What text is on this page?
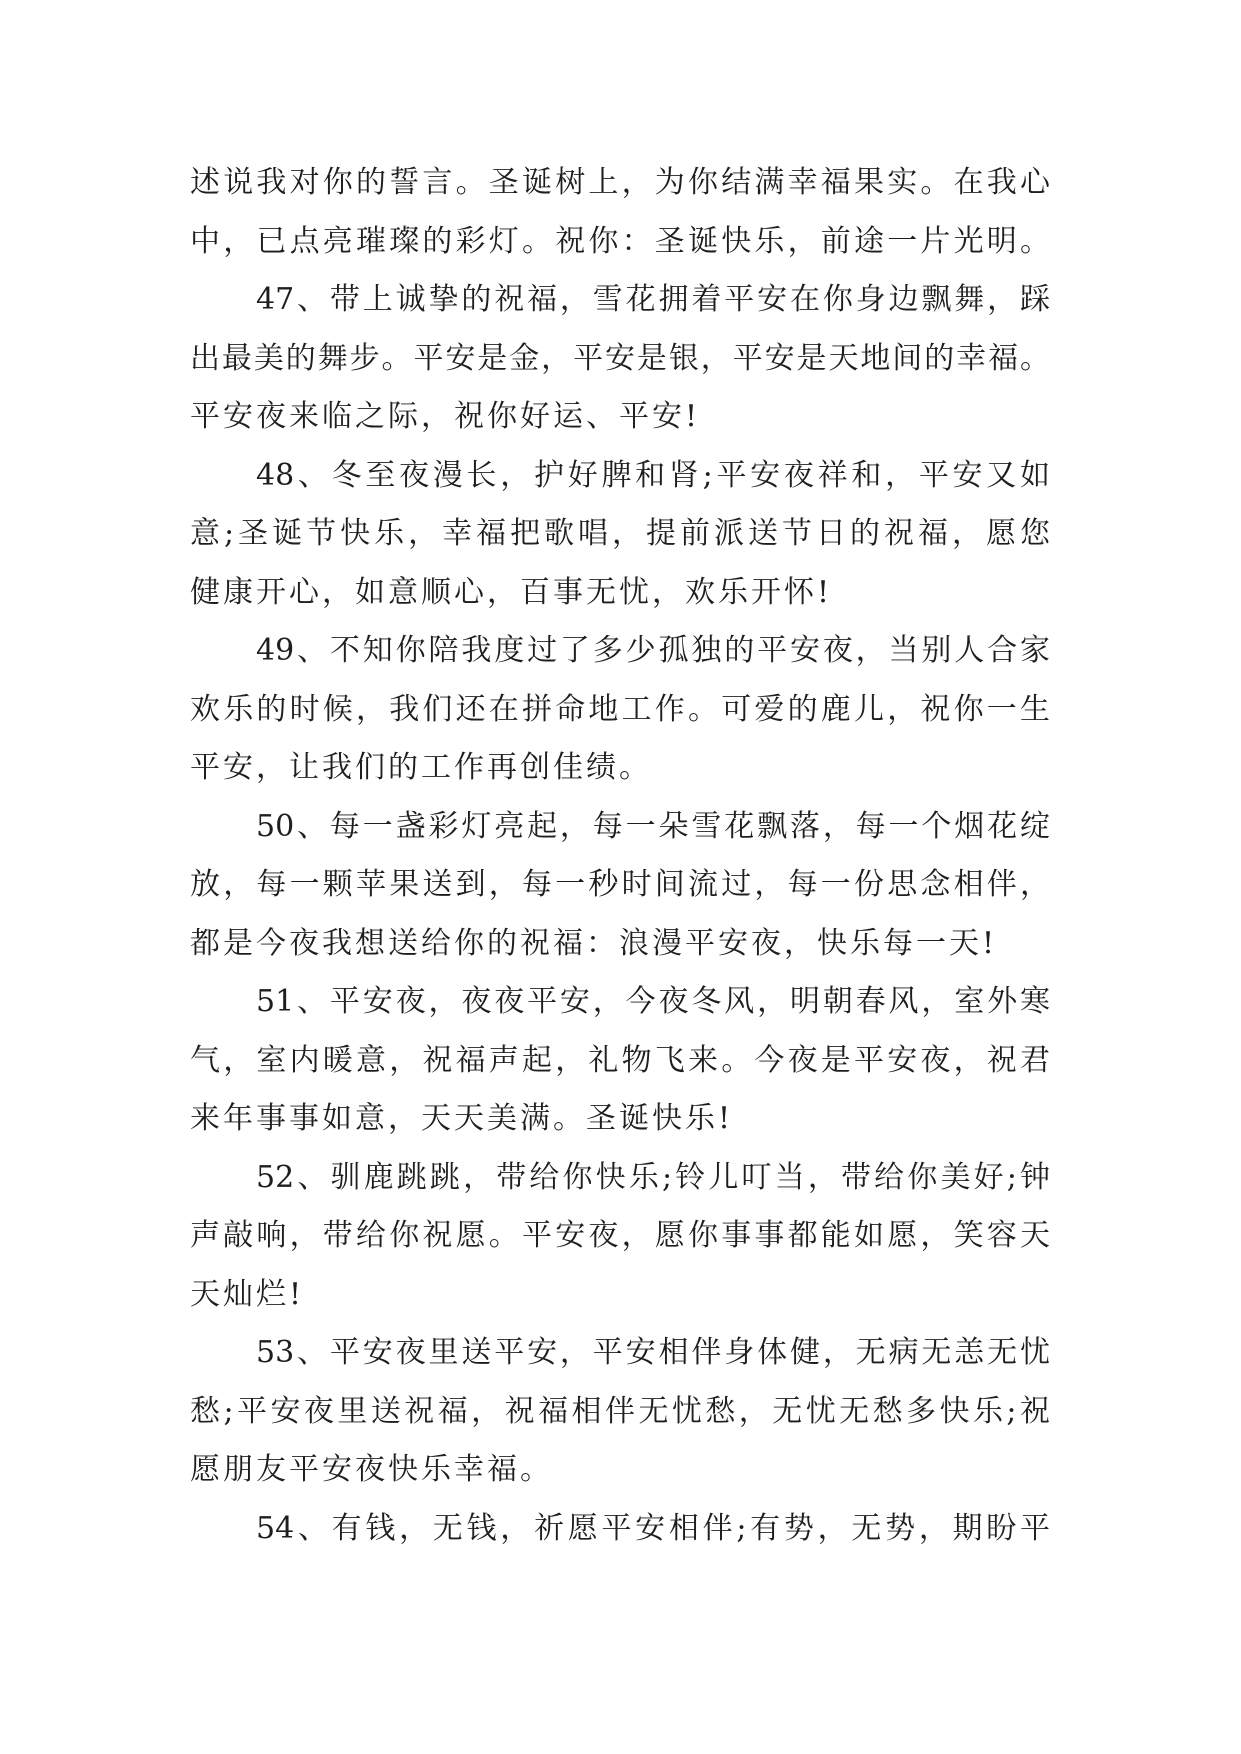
述说我对你的誓言。圣诞树上，为你结满幸福果实。在我心
中，已点亮璀璨的彩灯。祝你：圣诞快乐，前途一片光明。
47、带上诚挚的祝福，雪花拥着平安在你身边飘舞，踩
出最美的舞步。平安是金，平安是银，平安是天地间的幸福。
平安夜来临之际，祝你好运、平安!
48、冬至夜漫长，护好脾和肾;平安夜祥和，平安又如
意;圣诞节快乐，幸福把歌唱，提前派送节日的祝福，愿您
健康开心，如意顺心，百事无忧，欢乐开怀!
49、不知你陪我度过了多少孤独的平安夜，当别人合家
欢乐的时候，我们还在拼命地工作。可爱的鹿儿，祝你一生
平安，让我们的工作再创佳绩。
50、每一盏彩灯亮起，每一朵雪花飘落，每一个烟花绽
放，每一颗苹果送到，每一秒时间流过，每一份思念相伴，
都是今夜我想送给你的祝福：浪漫平安夜，快乐每一天!
51、平安夜，夜夜平安，今夜冬风，明朝春风，室外寒
气，室内暖意，祝福声起，礼物飞来。今夜是平安夜，祝君
来年事事如意，天天美满。圣诞快乐!
52、驯鹿跳跳，带给你快乐;铃儿叮当，带给你美好;钟
声敲响，带给你祝愿。平安夜，愿你事事都能如愿，笑容天
天灿烂!
53、平安夜里送平安，平安相伴身体健，无病无恙无忧
愁;平安夜里送祝福，祝福相伴无忧愁，无忧无愁多快乐;祝
愿朋友平安夜快乐幸福。
54、有钱，无钱，祈愿平安相伴;有势，无势，期盼平
